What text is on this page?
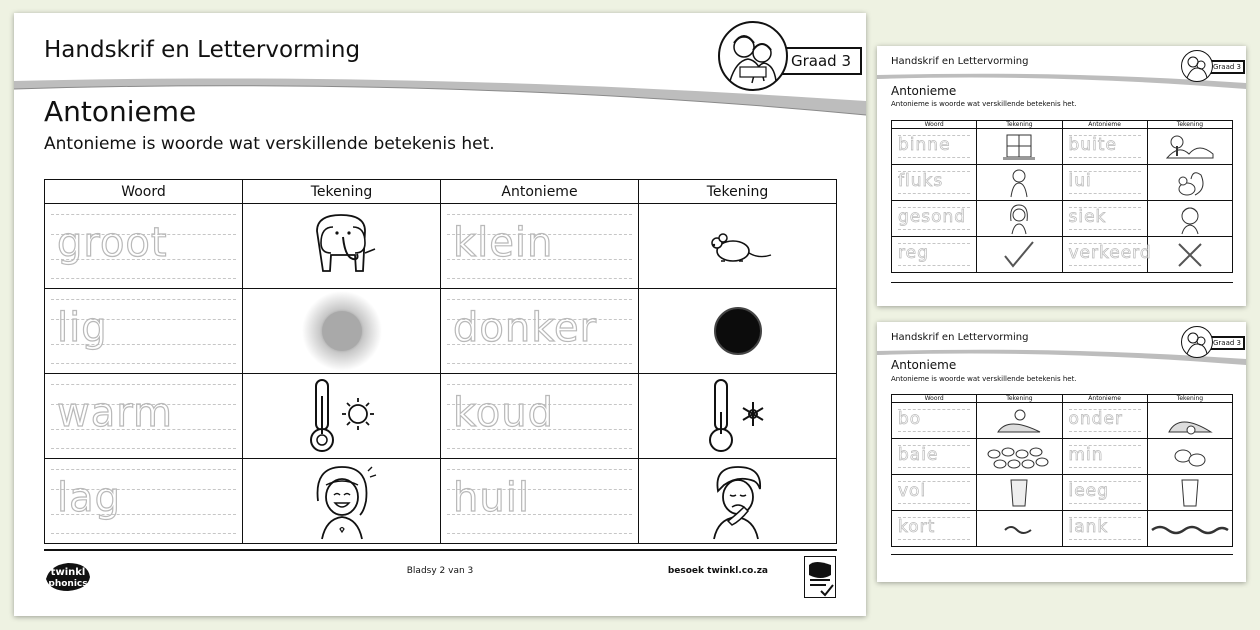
Handskrif en Lettervorming	Graad 3
Antonieme
Antonieme is woorde wat verskillende betekenis het.
Woord	Tekening	Antonieme	Tekening

groot		klein

lig		donker

warm		koud

lag		huil

twinkl
phonics
Bladsy 2 van 3	besoek twinkl.co.za
Handskrif en Lettervorming	Graad 3
Antonieme
Antonieme is woorde wat verskillende betekenis het.
Woord	Tekening	Antonieme	Tekening

binne		buite

fluks		lui

gesond		siek

reg		verkeerd

Handskrif en Lettervorming	Graad 3
Antonieme
Antonieme is woorde wat verskillende betekenis het.
Woord	Tekening	Antonieme	Tekening

bo		onder

baie		min

vol		leeg

kort		lank
